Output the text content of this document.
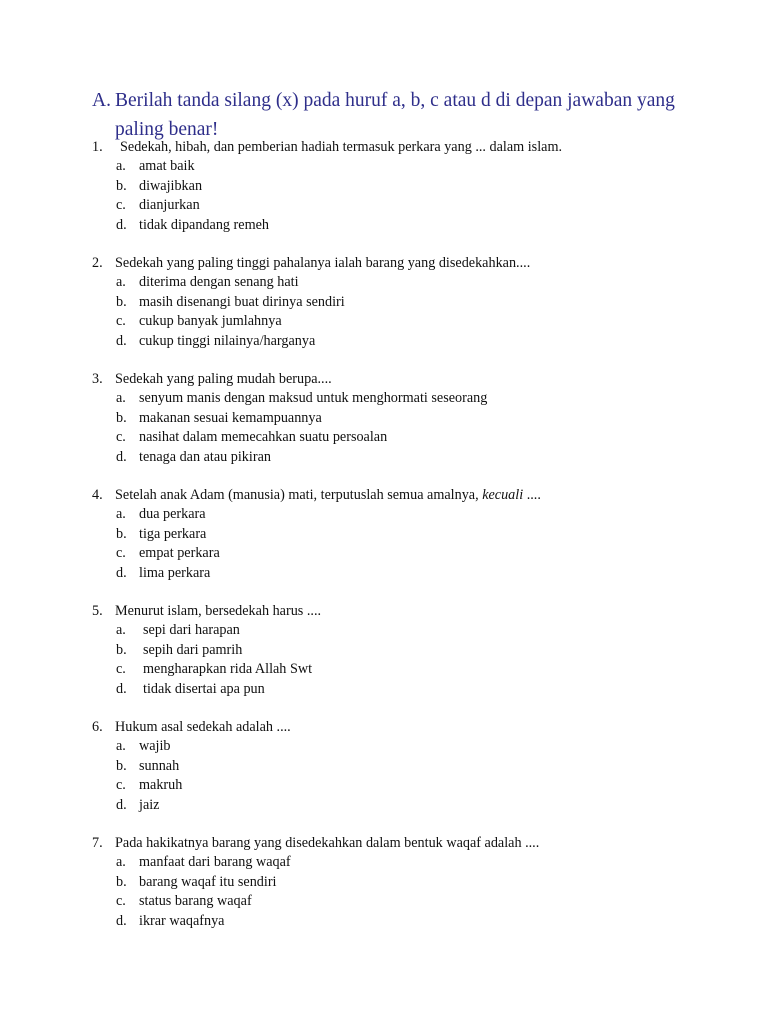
A. Berilah tanda silang (x) pada huruf a, b, c atau d di depan jawaban yang paling benar!
1. Sedekah, hibah, dan pemberian hadiah termasuk perkara yang ... dalam islam.
a. amat baik
b. diwajibkan
c. dianjurkan
d. tidak dipandang remeh
2. Sedekah yang paling tinggi pahalanya ialah barang yang disedekahkan....
a. diterima dengan senang hati
b. masih disenangi buat dirinya sendiri
c. cukup banyak jumlahnya
d. cukup tinggi nilainya/harganya
3. Sedekah yang paling mudah berupa....
a. senyum manis dengan maksud untuk menghormati seseorang
b. makanan sesuai kemampuannya
c. nasihat dalam memecahkan suatu persoalan
d. tenaga dan atau pikiran
4. Setelah anak Adam (manusia) mati, terputuslah semua amalnya, kecuali ....
a. dua perkara
b. tiga perkara
c. empat perkara
d. lima perkara
5. Menurut islam, bersedekah harus ....
a. sepi dari harapan
b. sepih dari pamrih
c. mengharapkan rida Allah Swt
d. tidak disertai apa pun
6. Hukum asal sedekah adalah ....
a. wajib
b. sunnah
c. makruh
d. jaiz
7. Pada hakikatnya barang yang disedekahkan dalam bentuk waqaf adalah ....
a. manfaat dari barang waqaf
b. barang waqaf itu sendiri
c. status barang waqaf
d. ikrar waqafnya
